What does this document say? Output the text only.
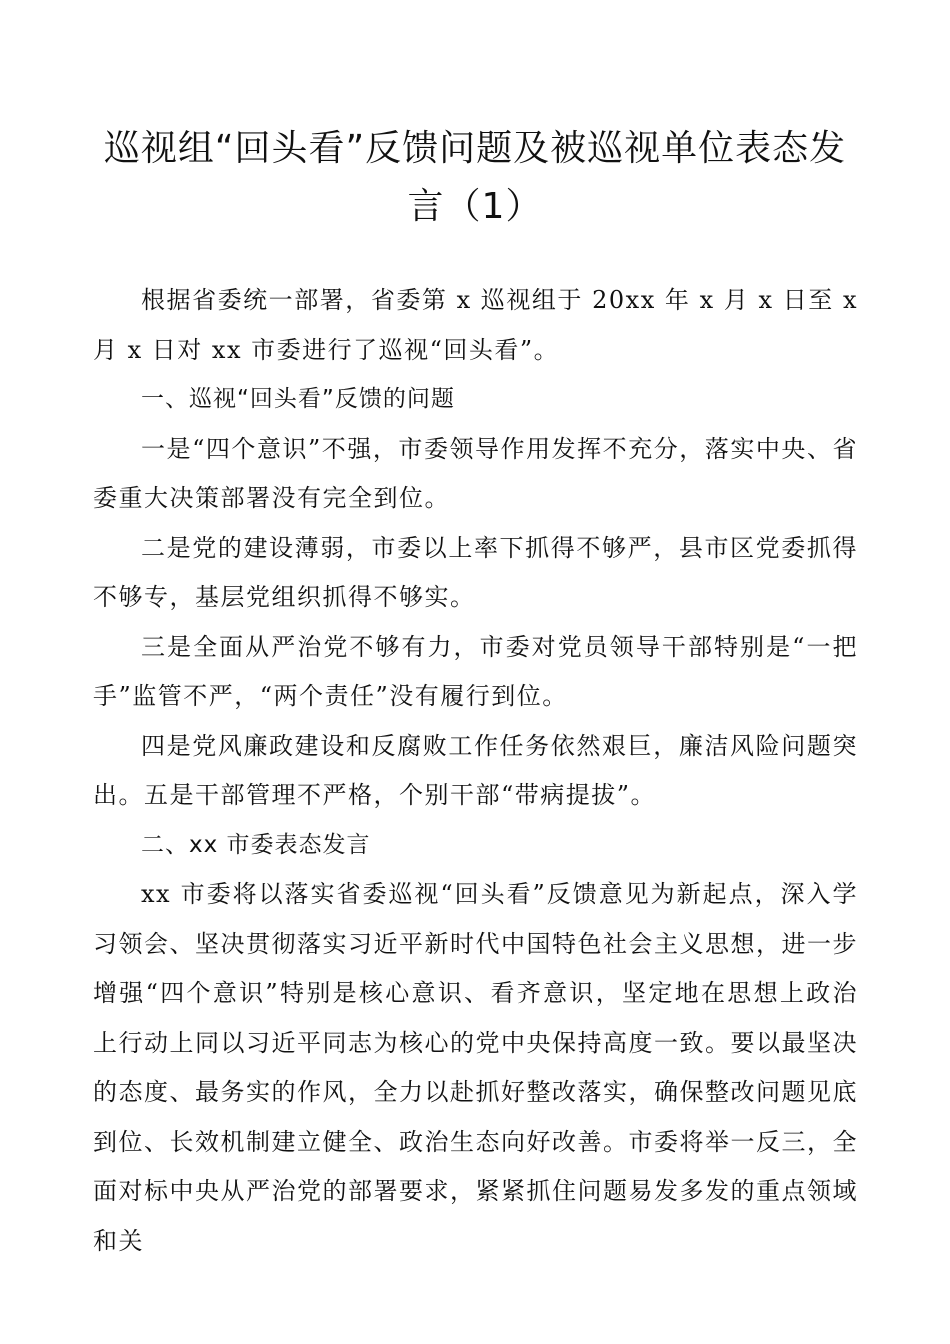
巡视组“回头看”反馈问题及被巡视单位表态发言（1）

根据省委统一部署，省委第 x 巡视组于 20xx 年 x 月 x 日至 x 月 x 日对 xx 市委进行了巡视“回头看”。

一、巡视“回头看”反馈的问题

一是“四个意识”不强，市委领导作用发挥不充分，落实中央、省委重大决策部署没有完全到位。

二是党的建设薄弱，市委以上率下抓得不够严，县市区党委抓得不够专，基层党组织抓得不够实。

三是全面从严治党不够有力，市委对党员领导干部特别是“一把手”监管不严，“两个责任”没有履行到位。

四是党风廉政建设和反腐败工作任务依然艰巨，廉洁风险问题突出。五是干部管理不严格，个别干部“带病提拔”。

二、xx 市委表态发言

xx 市委将以落实省委巡视“回头看”反馈意见为新起点，深入学习领会、坚决贯彻落实习近平新时代中国特色社会主义思想，进一步增强“四个意识”特别是核心意识、看齐意识，坚定地在思想上政治上行动上同以习近平同志为核心的党中央保持高度一致。要以最坚决的态度、最务实的作风，全力以赴抓好整改落实，确保整改问题见底到位、长效机制建立健全、政治生态向好改善。市委将举一反三，全面对标中央从严治党的部署要求，紧紧抓住问题易发多发的重点领域和关
